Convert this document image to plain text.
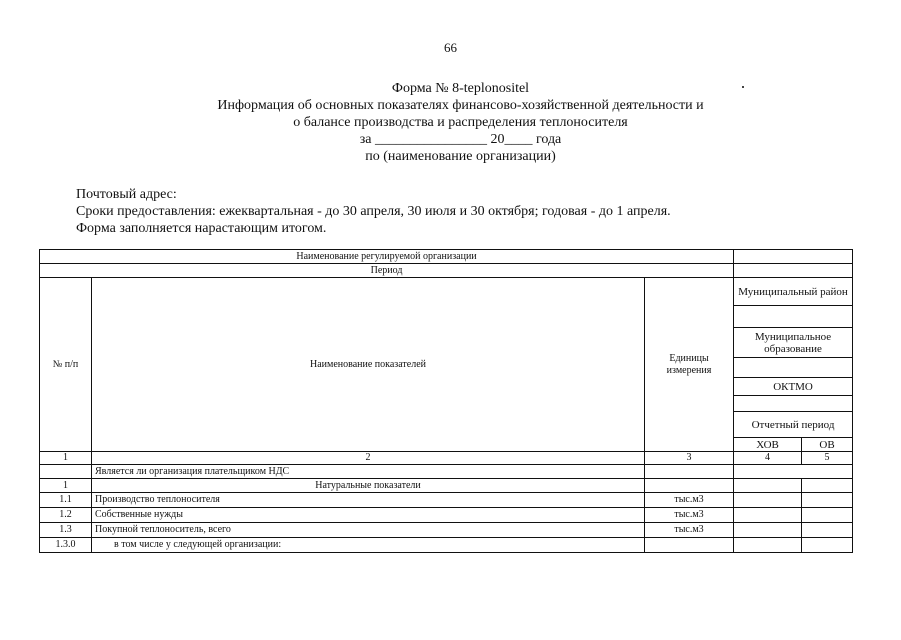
66
Форма № 8-teplonositel
Информация об основных показателях финансово-хозяйственной деятельности и
о балансе производства и распределения теплоносителя
за ________________ 20____ года
по (наименование организации)
Почтовый адрес:
Сроки предоставления: ежеквартальная - до 30 апреля, 30 июля и 30 октября; годовая - до 1 апреля.
Форма заполняется нарастающим итогом.
Наименование регулируемой организации				
Период				
№ п/п	Наименование показателей	Единицы измерения	Муниципальный район	

			Муниципальное образование	

			ОКТМО	

			Отчетный период	
			ХОВ	ОВ
1	2	3	4	5
	Является ли организация плательщиком НДС			
1	Натуральные показатели			
1.1	Производство теплоносителя	тыс.м3		
1.2	Собственные нужды	тыс.м3		
1.3	Покупной теплоноситель, всего	тыс.м3		
1.3.0	в том числе у следующей организации:			
